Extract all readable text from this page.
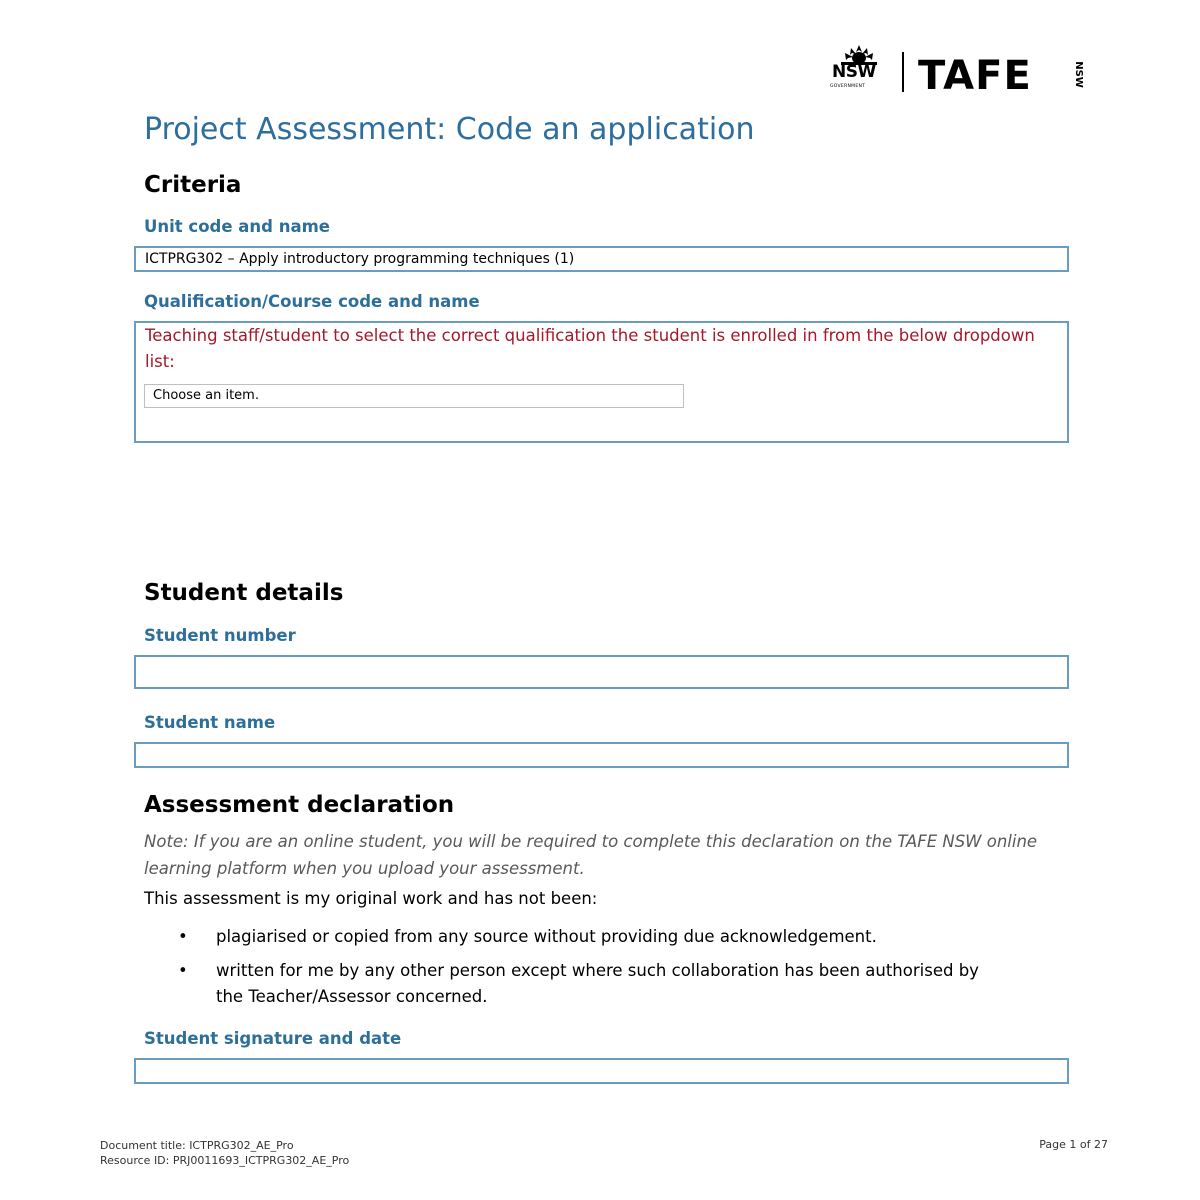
NSW
GOVERNMENT TAFE	NSW
Project Assessment: Code an application
Criteria
Unit code and name
ICTPRG302 – Apply introductory programming techniques (1)
Qualification/Course code and name
Teaching staff/student to select the correct qualification the student is enrolled in from the below dropdown list:
Choose an item.
Student details
Student number
Student name
Assessment declaration
Note: If you are an online student, you will be required to complete this declaration on the TAFE NSW online learning platform when you upload your assessment.
This assessment is my original work and has not been:
• plagiarised or copied from any source without providing due acknowledgement.
• written for me by any other person except where such collaboration has been authorised by the Teacher/Assessor concerned.
Student signature and date
Document title: ICTPRG302_AE_Pro
Resource ID: PRJ0011693_ICTPRG302_AE_Pro
Page 1 of 27
